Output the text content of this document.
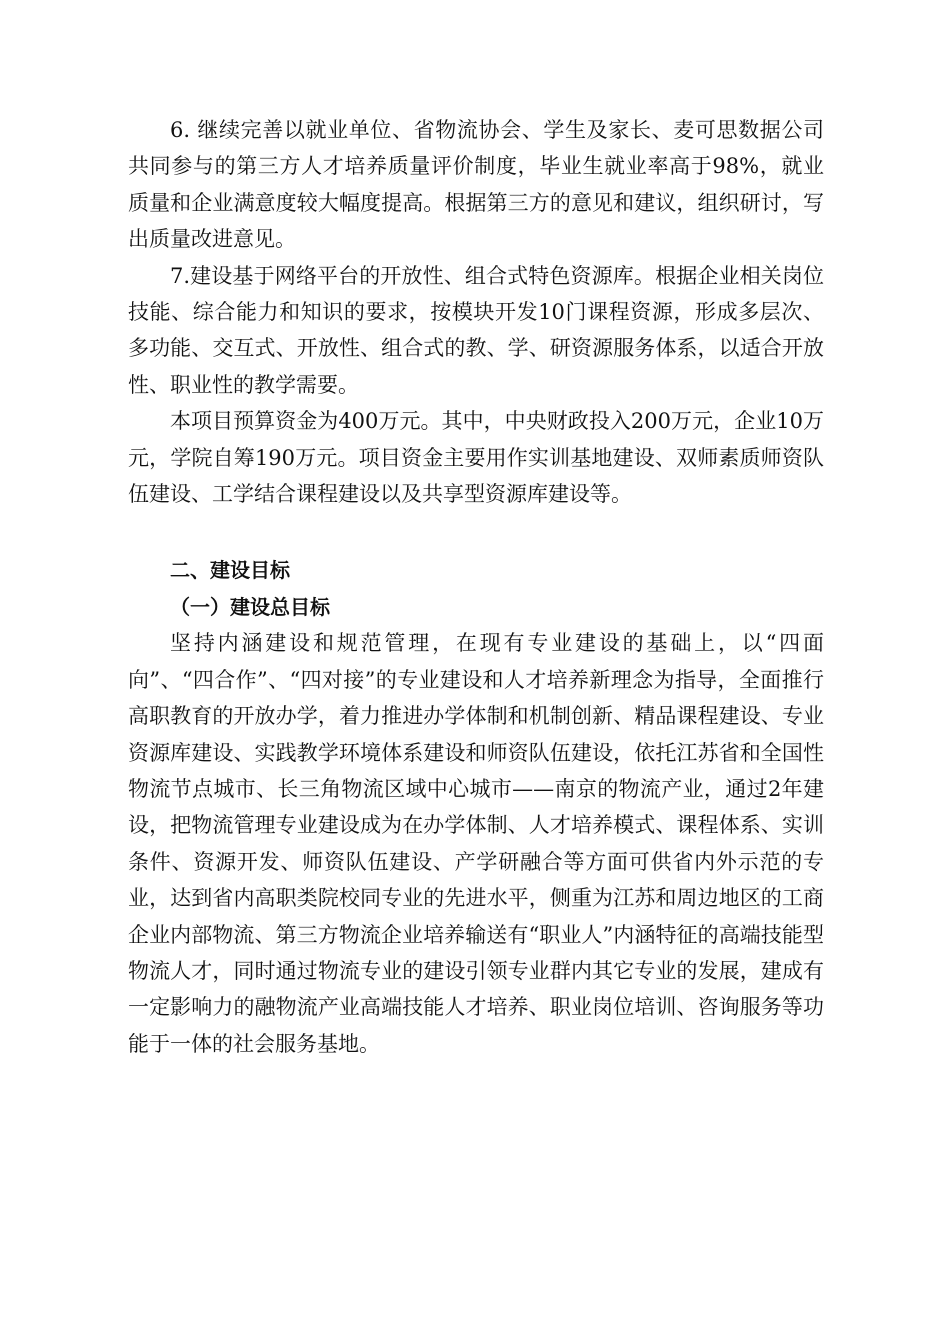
6. 继续完善以就业单位、省物流协会、学生及家长、麦可思数据公司共同参与的第三方人才培养质量评价制度，毕业生就业率高于98%，就业质量和企业满意度较大幅度提高。根据第三方的意见和建议，组织研讨，写出质量改进意见。

7.建设基于网络平台的开放性、组合式特色资源库。根据企业相关岗位技能、综合能力和知识的要求，按模块开发10门课程资源，形成多层次、多功能、交互式、开放性、组合式的教、学、研资源服务体系，以适合开放性、职业性的教学需要。

本项目预算资金为400万元。其中，中央财政投入200万元，企业10万元，学院自筹190万元。项目资金主要用作实训基地建设、双师素质师资队伍建设、工学结合课程建设以及共享型资源库建设等。

二、建设目标
（一）建设总目标

坚持内涵建设和规范管理，在现有专业建设的基础上，以“四面向”、“四合作”、“四对接”的专业建设和人才培养新理念为指导，全面推行高职教育的开放办学，着力推进办学体制和机制创新、精品课程建设、专业资源库建设、实践教学环境体系建设和师资队伍建设，依托江苏省和全国性物流节点城市、长三角物流区域中心城市——南京的物流产业，通过2年建设，把物流管理专业建设成为在办学体制、人才培养模式、课程体系、实训条件、资源开发、师资队伍建设、产学研融合等方面可供省内外示范的专业，达到省内高职类院校同专业的先进水平，侧重为江苏和周边地区的工商企业内部物流、第三方物流企业培养输送有“职业人”内涵特征的高端技能型物流人才，同时通过物流专业的建设引领专业群内其它专业的发展，建成有一定影响力的融物流产业高端技能人才培养、职业岗位培训、咨询服务等功能于一体的社会服务基地。
